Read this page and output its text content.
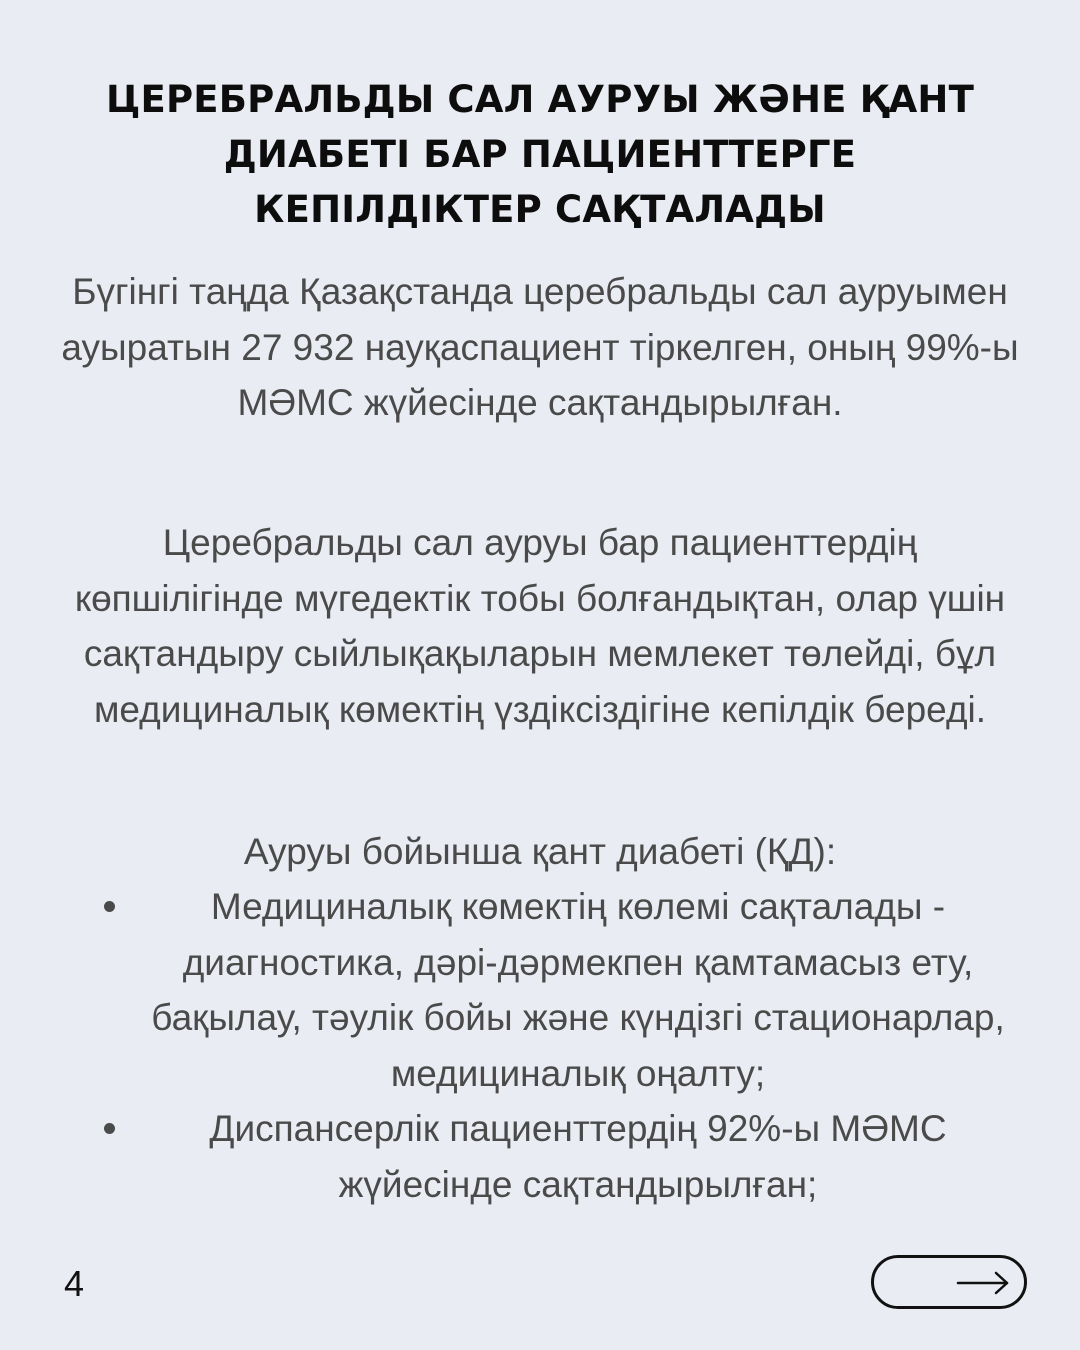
ЦЕРЕБРАЛЬДЫ САЛ АУРУЫ ЖӘНЕ ҚАНТ ДИАБЕТІ БАР ПАЦИЕНТТЕРГЕ КЕПІЛДІКТЕР САҚТАЛАДЫ

Бүгінгі таңда Қазақстанда церебральды сал ауруымен ауыратын 27 932 науқаспациент тіркелген, оның 99%-ы МӘМС жүйесінде сақтандырылған.

Церебральды сал ауруы бар пациенттердің көпшілігінде мүгедектік тобы болғандықтан, олар үшін сақтандыру сыйлықақыларын мемлекет төлейді, бұл медициналық көмектің үздіксіздігіне кепілдік береді.

Ауруы бойынша қант диабеті (ҚД):

Медициналық көмектің көлемі сақталады - диагностика, дәрі-дәрмекпен қамтамасыз ету, бақылау, тәулік бойы және күндізгі стационарлар, медициналық оңалту;
Диспансерлік пациенттердің 92%-ы МӘМС жүйесінде сақтандырылған;
4
